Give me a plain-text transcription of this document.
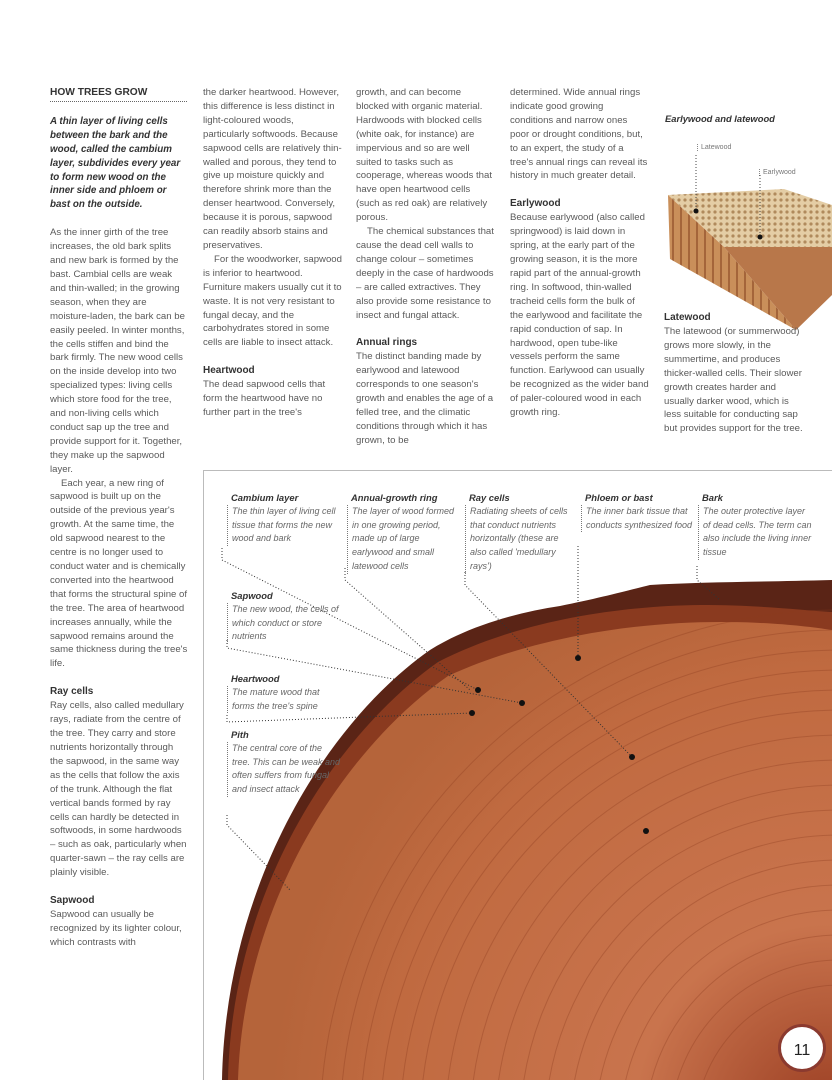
HOW TREES GROW

A thin layer of living cells between the bark and the wood, called the cambium layer, subdivides every year to form new wood on the inner side and phloem or bast on the outside.

As the inner girth of the tree increases, the old bark splits and new bark is formed by the bast. Cambial cells are weak and thin-walled; in the growing season, when they are moisture-laden, the bark can be easily peeled. In winter months, the cells stiffen and bind the bark firmly. The new wood cells on the inside develop into two specialized types: living cells which store food for the tree, and non-living cells which conduct sap up the tree and provide support for it. Together, they make up the sapwood layer.

Each year, a new ring of sapwood is built up on the outside of the previous year's growth. At the same time, the old sapwood nearest to the centre is no longer used to conduct water and is chemically converted into the heartwood that forms the structural spine of the tree. The area of heartwood increases annually, while the sapwood remains around the same thickness during the tree's life.

Ray cells

Ray cells, also called medullary rays, radiate from the centre of the tree. They carry and store nutrients horizontally through the sapwood, in the same way as the cells that follow the axis of the trunk. Although the flat vertical bands formed by ray cells can hardly be detected in softwoods, in some hardwoods – such as oak, particularly when quarter-sawn – the ray cells are plainly visible.

Sapwood

Sapwood can usually be recognized by its lighter colour, which contrasts with

the darker heartwood. However, this difference is less distinct in light-coloured woods, particularly softwoods. Because sapwood cells are relatively thin-walled and porous, they tend to give up moisture quickly and therefore shrink more than the denser heartwood. Conversely, because it is porous, sapwood can readily absorb stains and preservatives.

For the woodworker, sapwood is inferior to heartwood. Furniture makers usually cut it to waste. It is not very resistant to fungal decay, and the carbohydrates stored in some cells are liable to insect attack.

Heartwood

The dead sapwood cells that form the heartwood have no further part in the tree's

growth, and can become blocked with organic material. Hardwoods with blocked cells (white oak, for instance) are impervious and so are well suited to tasks such as cooperage, whereas woods that have open heartwood cells (such as red oak) are relatively porous.

The chemical substances that cause the dead cell walls to change colour – sometimes deeply in the case of hardwoods – are called extractives. They also provide some resistance to insect and fungal attack.

Annual rings

The distinct banding made by earlywood and latewood corresponds to one season's growth and enables the age of a felled tree, and the climatic conditions through which it has grown, to be

determined. Wide annual rings indicate good growing conditions and narrow ones poor or drought conditions, but, to an expert, the study of a tree's annual rings can reveal its history in much greater detail.

Earlywood

Because earlywood (also called springwood) is laid down in spring, at the early part of the growing season, it is the more rapid part of the annual-growth ring. In softwood, thin-walled tracheid cells form the bulk of the earlywood and facilitate the rapid conduction of sap. In hardwood, open tube-like vessels perform the same function. Earlywood can usually be recognized as the wider band of paler-coloured wood in each growth ring.

Earlywood and latewood
Latewood
Earlywood
Latewood

The latewood (or summerwood) grows more slowly, in the summertime, and produces thicker-walled cells. Their slower growth creates harder and usually darker wood, which is less suitable for conducting sap but provides support for the tree.

Cambium layer
The thin layer of living cell tissue that forms the new wood and bark
Annual-growth ring
The layer of wood formed in one growing period, made up of large earlywood and small latewood cells
Ray cells
Radiating sheets of cells that conduct nutrients horizontally (these are also called 'medullary rays')
Phloem or bast
The inner bark tissue that conducts synthesized food
Bark
The outer protective layer of dead cells. The term can also include the living inner tissue
Sapwood
The new wood, the cells of which conduct or store nutrients
Heartwood
The mature wood that forms the tree's spine
Pith
The central core of the tree. This can be weak and often suffers from fungal and insect attack
11
